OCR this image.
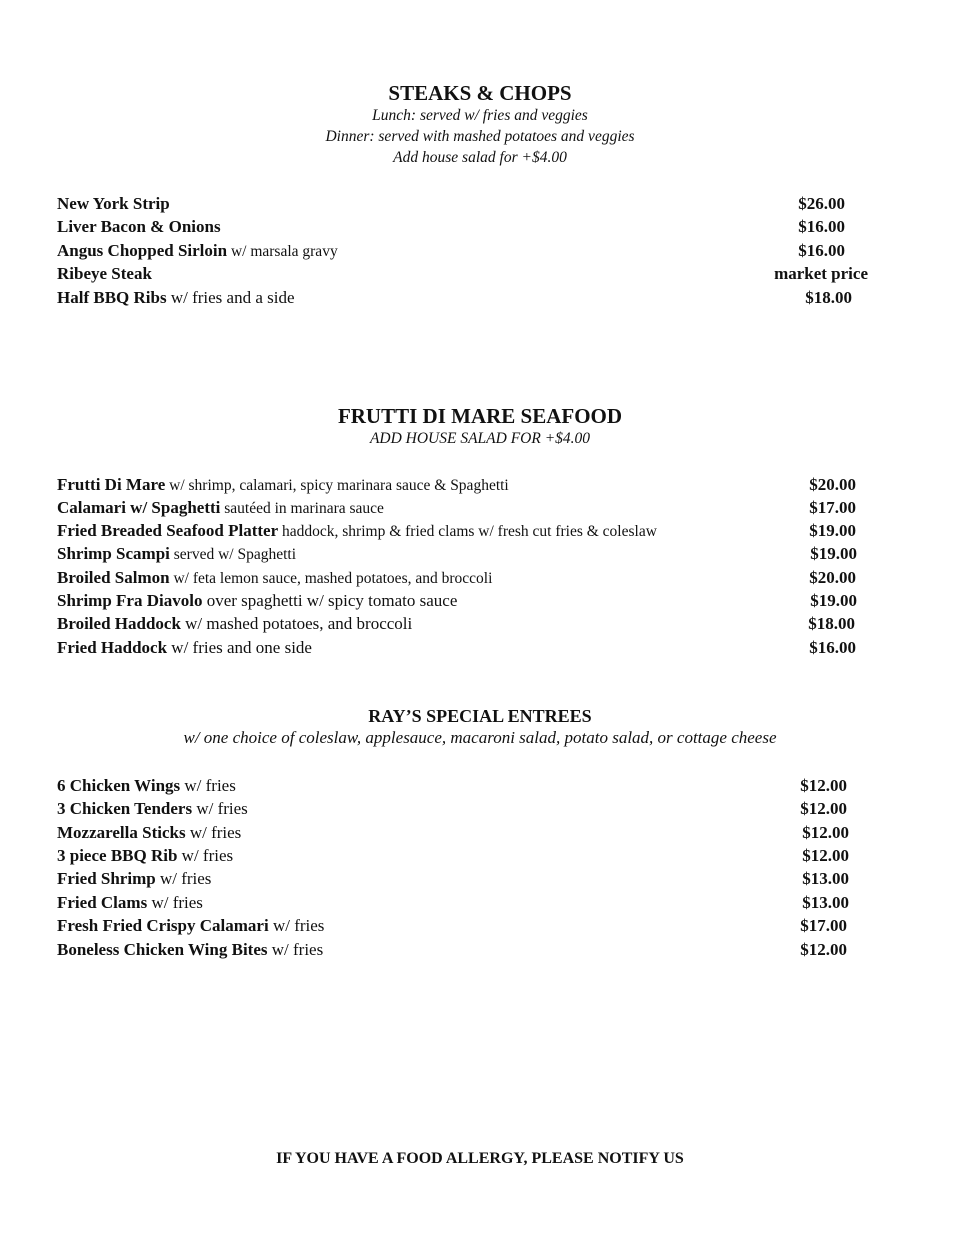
STEAKS & CHOPS
Lunch: served w/ fries and veggies
Dinner: served with mashed potatoes and veggies
Add house salad for +$4.00
New York Strip	$26.00
Liver Bacon & Onions	$16.00
Angus Chopped Sirloin w/ marsala gravy	$16.00
Ribeye Steak	market price
Half BBQ Ribs w/ fries and a side	$18.00
FRUTTI DI MARE SEAFOOD
ADD HOUSE SALAD FOR +$4.00
Frutti Di Mare w/ shrimp, calamari, spicy marinara sauce & Spaghetti	$20.00
Calamari w/ Spaghetti sautéed in marinara sauce	$17.00
Fried Breaded Seafood Platter haddock, shrimp & fried clams w/ fresh cut fries & coleslaw	$19.00
Shrimp Scampi served w/ Spaghetti	$19.00
Broiled Salmon w/ feta lemon sauce, mashed potatoes, and broccoli	$20.00
Shrimp Fra Diavolo over spaghetti w/ spicy tomato sauce	$19.00
Broiled Haddock w/ mashed potatoes, and broccoli	$18.00
Fried Haddock w/ fries and one side	$16.00
RAY’S SPECIAL ENTREES
w/ one choice of coleslaw, applesauce, macaroni salad, potato salad, or cottage cheese
6 Chicken Wings w/ fries	$12.00
3 Chicken Tenders w/ fries	$12.00
Mozzarella Sticks w/ fries	$12.00
3 piece BBQ Rib w/ fries	$12.00
Fried Shrimp w/ fries	$13.00
Fried Clams w/ fries	$13.00
Fresh Fried Crispy Calamari w/ fries	$17.00
Boneless Chicken Wing Bites w/ fries	$12.00
IF YOU HAVE A FOOD ALLERGY, PLEASE NOTIFY US
